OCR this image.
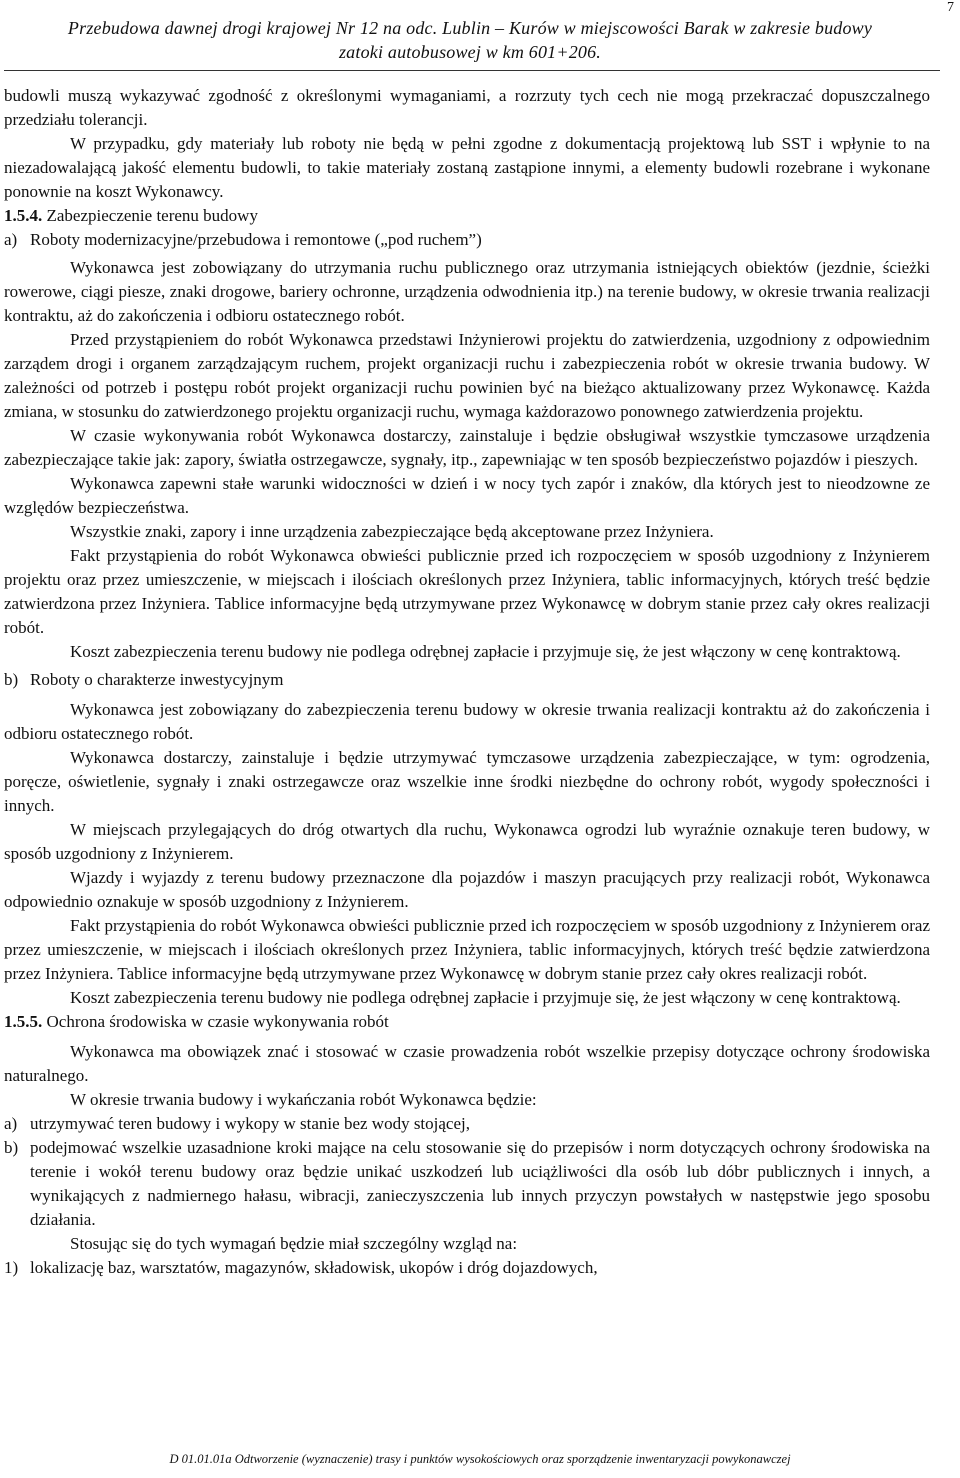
7
Przebudowa dawnej drogi krajowej Nr 12 na odc. Lublin – Kurów w miejscowości Barak w zakresie budowy
zatoki autobusowej w km 601+206.

budowli muszą wykazywać zgodność z określonymi wymaganiami, a rozrzuty tych cech nie mogą przekraczać dopuszczalnego przedziału tolerancji.

W przypadku, gdy materiały lub roboty nie będą w pełni zgodne z dokumentacją projektową lub SST i wpłynie to na niezadowalającą jakość elementu budowli, to takie materiały zostaną zastąpione innymi, a elementy budowli rozebrane i wykonane ponownie na koszt Wykonawcy.

1.5.4. Zabezpieczenie terenu budowy

a) Roboty modernizacyjne/przebudowa i remontowe („pod ruchem”)

Wykonawca jest zobowiązany do utrzymania ruchu publicznego oraz utrzymania istniejących obiektów (jezdnie, ścieżki rowerowe, ciągi piesze, znaki drogowe, bariery ochronne, urządzenia odwodnienia itp.) na terenie budowy, w okresie trwania realizacji kontraktu, aż do zakończenia i odbioru ostatecznego robót.

Przed przystąpieniem do robót Wykonawca przedstawi Inżynierowi projektu do zatwierdzenia, uzgodniony z odpowiednim zarządem drogi i organem zarządzającym ruchem, projekt organizacji ruchu i zabezpieczenia robót w okresie trwania budowy. W zależności od potrzeb i postępu robót projekt organizacji ruchu powinien być na bieżąco aktualizowany przez Wykonawcę. Każda zmiana, w stosunku do zatwierdzonego projektu organizacji ruchu, wymaga każdorazowo ponownego zatwierdzenia projektu.

W czasie wykonywania robót Wykonawca dostarczy, zainstaluje i będzie obsługiwał wszystkie tymczasowe urządzenia zabezpieczające takie jak: zapory, światła ostrzegawcze, sygnały, itp., zapewniając w ten sposób bezpieczeństwo pojazdów i pieszych.

Wykonawca zapewni stałe warunki widoczności w dzień i w nocy tych zapór i znaków, dla których jest to nieodzowne ze względów bezpieczeństwa.

Wszystkie znaki, zapory i inne urządzenia zabezpieczające będą akceptowane przez Inżyniera.

Fakt przystąpienia do robót Wykonawca obwieści publicznie przed ich rozpoczęciem w sposób uzgodniony z Inżynierem projektu oraz przez umieszczenie, w miejscach i ilościach określonych przez Inżyniera, tablic informacyjnych, których treść będzie zatwierdzona przez Inżyniera. Tablice informacyjne będą utrzymywane przez Wykonawcę w dobrym stanie przez cały okres realizacji robót.

Koszt zabezpieczenia terenu budowy nie podlega odrębnej zapłacie i przyjmuje się, że jest włączony w cenę kontraktową.

b) Roboty o charakterze inwestycyjnym

Wykonawca jest zobowiązany do zabezpieczenia terenu budowy w okresie trwania realizacji kontraktu aż do zakończenia i odbioru ostatecznego robót.

Wykonawca dostarczy, zainstaluje i będzie utrzymywać tymczasowe urządzenia zabezpieczające, w tym: ogrodzenia, poręcze, oświetlenie, sygnały i znaki ostrzegawcze oraz wszelkie inne środki niezbędne do ochrony robót, wygody społeczności i innych.

W miejscach przylegających do dróg otwartych dla ruchu, Wykonawca ogrodzi lub wyraźnie oznakuje teren budowy, w sposób uzgodniony z Inżynierem.

Wjazdy i wyjazdy z terenu budowy przeznaczone dla pojazdów i maszyn pracujących przy realizacji robót, Wykonawca odpowiednio oznakuje w sposób uzgodniony z Inżynierem.

Fakt przystąpienia do robót Wykonawca obwieści publicznie przed ich rozpoczęciem w sposób uzgodniony z Inżynierem oraz przez umieszczenie, w miejscach i ilościach określonych przez Inżyniera, tablic informacyjnych, których treść będzie zatwierdzona przez Inżyniera. Tablice informacyjne będą utrzymywane przez Wykonawcę w dobrym stanie przez cały okres realizacji robót.

Koszt zabezpieczenia terenu budowy nie podlega odrębnej zapłacie i przyjmuje się, że jest włączony w cenę kontraktową.

1.5.5. Ochrona środowiska w czasie wykonywania robót

Wykonawca ma obowiązek znać i stosować w czasie prowadzenia robót wszelkie przepisy dotyczące ochrony środowiska naturalnego.

W okresie trwania budowy i wykańczania robót Wykonawca będzie:

a) utrzymywać teren budowy i wykopy w stanie bez wody stojącej,
b) podejmować wszelkie uzasadnione kroki mające na celu stosowanie się do przepisów i norm dotyczących ochrony środowiska na terenie i wokół terenu budowy oraz będzie unikać uszkodzeń lub uciążliwości dla osób lub dóbr publicznych i innych, a wynikających z nadmiernego hałasu, wibracji, zanieczyszczenia lub innych przyczyn powstałych w następstwie jego sposobu działania.

Stosując się do tych wymagań będzie miał szczególny wzgląd na:

1) lokalizację baz, warsztatów, magazynów, składowisk, ukopów i dróg dojazdowych,
D 01.01.01a Odtworzenie (wyznaczenie) trasy i punktów wysokościowych oraz sporządzenie inwentaryzacji powykonawczej
